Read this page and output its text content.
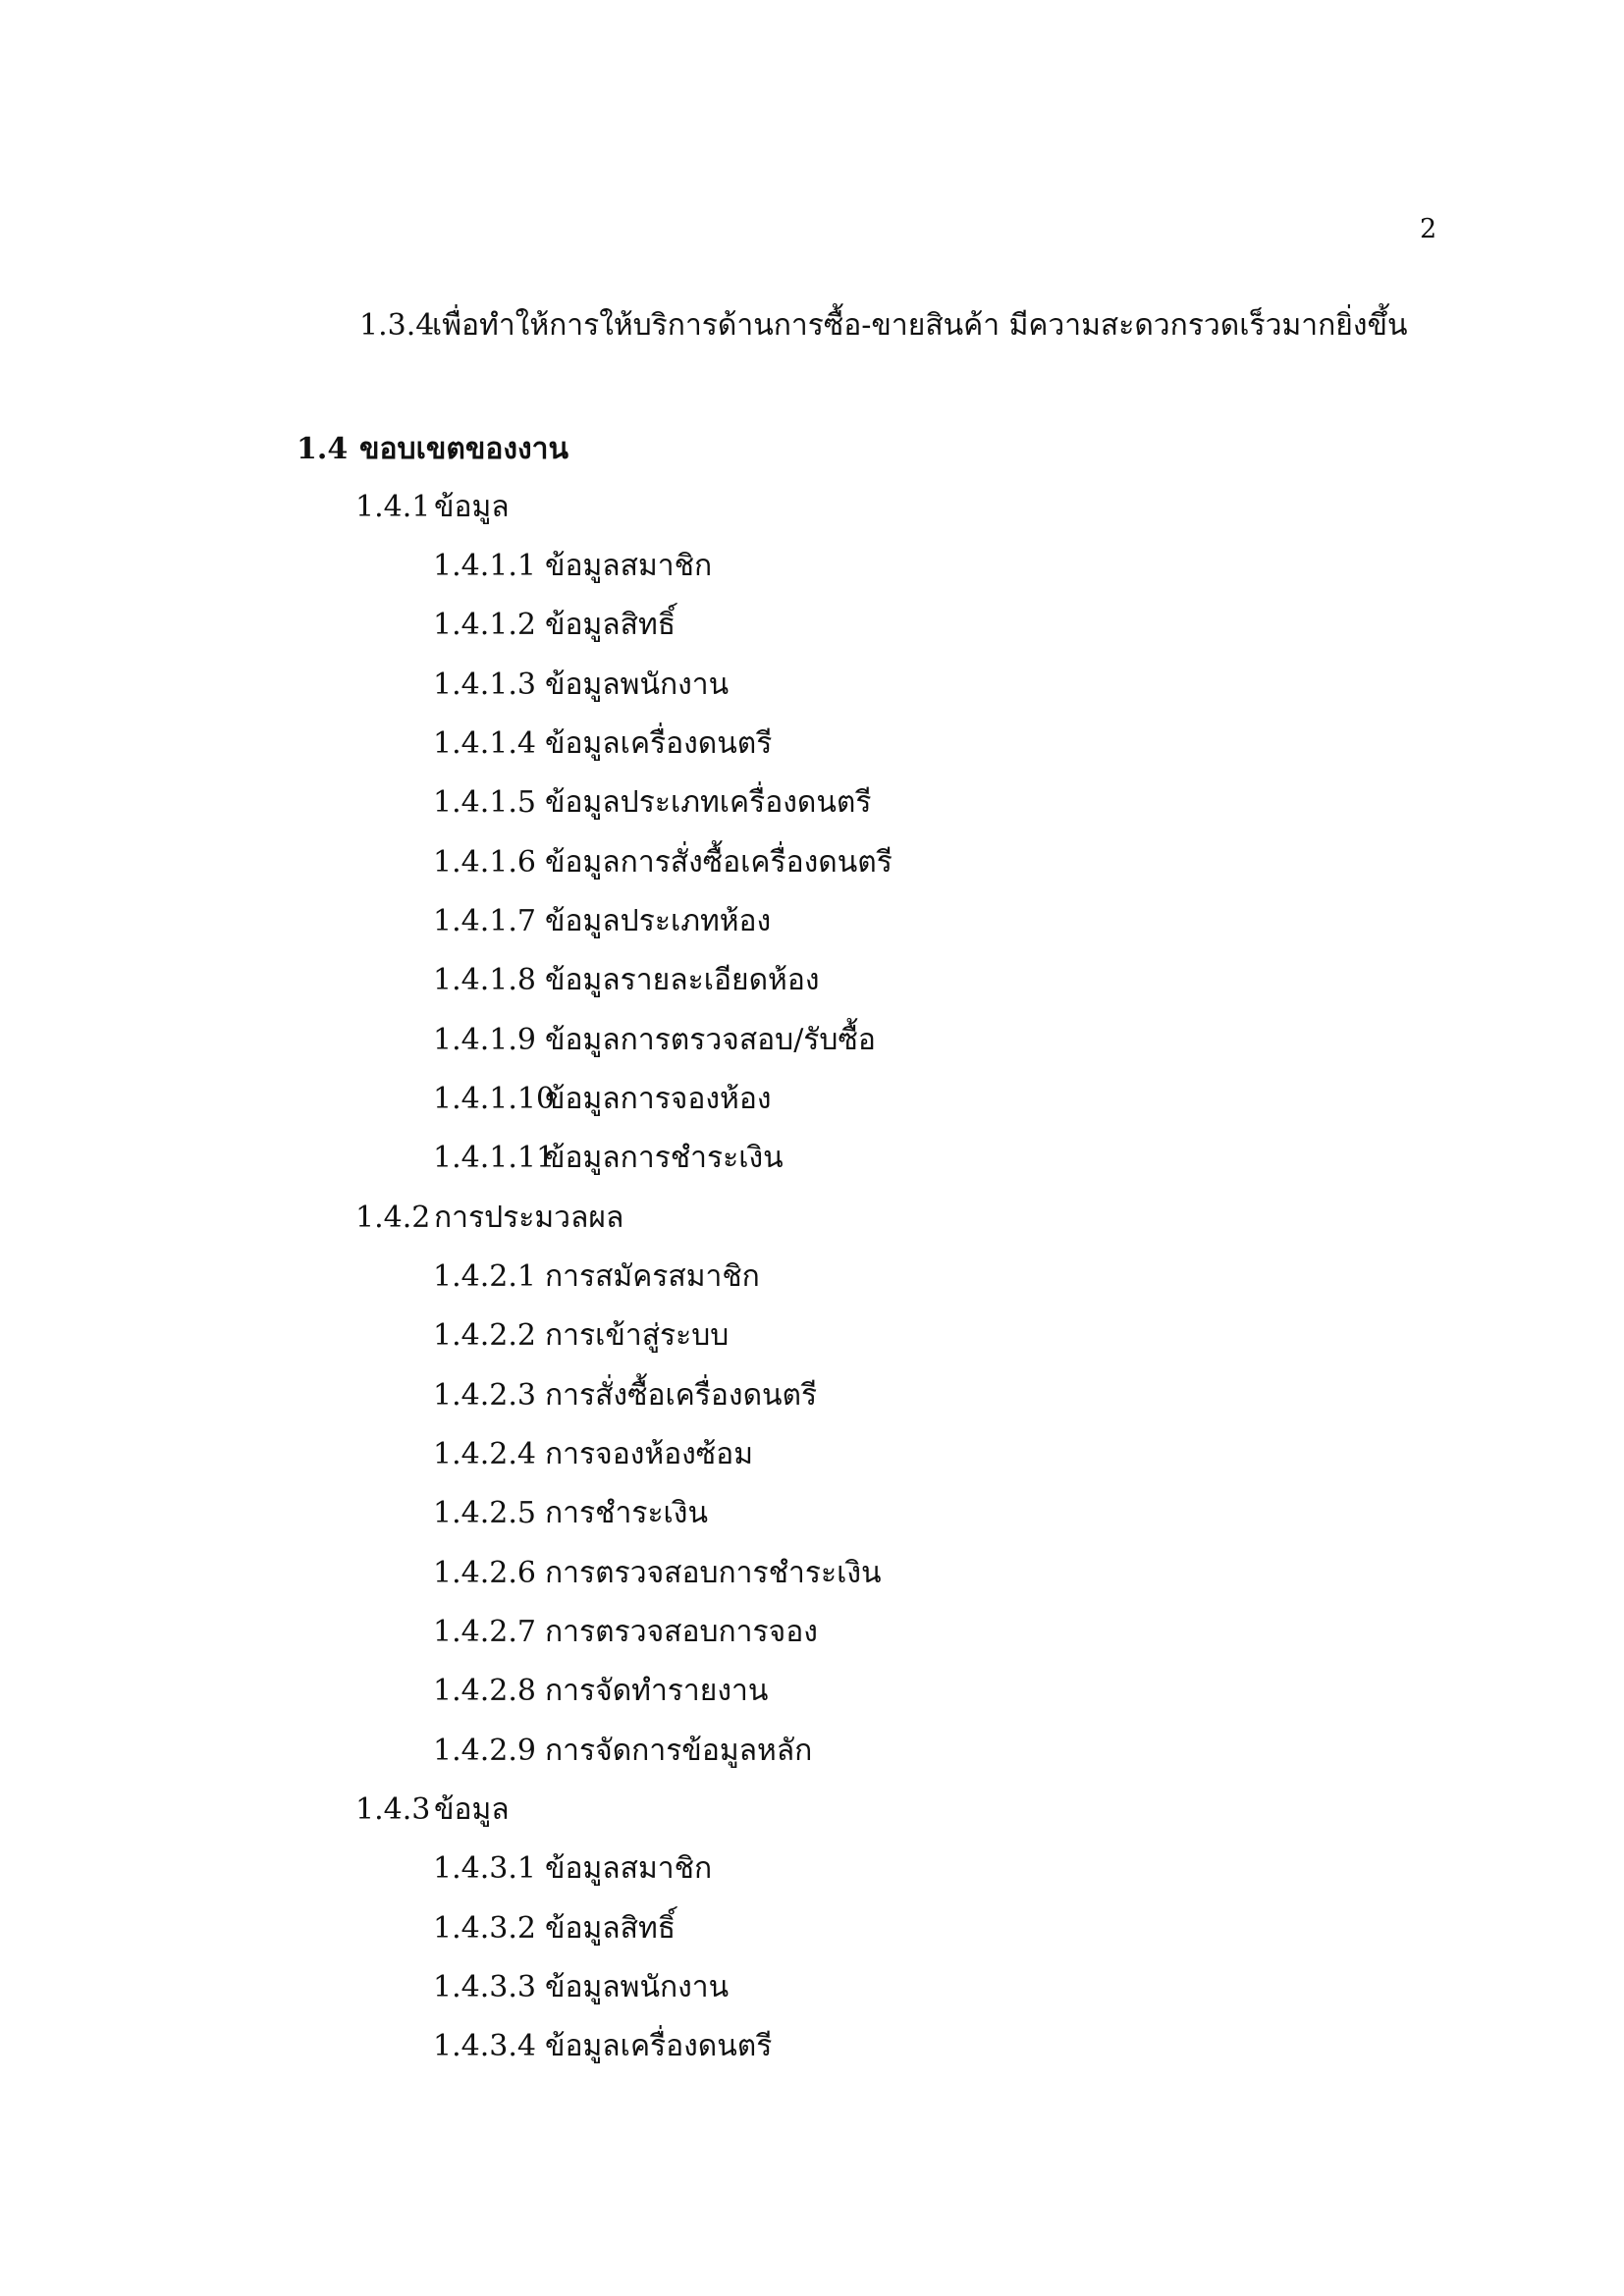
2
1.3.4เพื่อทำให้การให้บริการด้านการซื้อ-ขายสินค้า มีความสะดวกรวดเร็วมากยิ่งขึ้น
1.4 ขอบเขตของงาน
1.4.1 ข้อมูล
1.4.1.1 ข้อมูลสมาชิก
1.4.1.2 ข้อมูลสิทธิ์
1.4.1.3 ข้อมูลพนักงาน
1.4.1.4 ข้อมูลเครื่องดนตรี
1.4.1.5 ข้อมูลประเภทเครื่องดนตรี
1.4.1.6 ข้อมูลการสั่งซื้อเครื่องดนตรี
1.4.1.7 ข้อมูลประเภทห้อง
1.4.1.8 ข้อมูลรายละเอียดห้อง
1.4.1.9 ข้อมูลการตรวจสอบ/รับซื้อ
1.4.1.10ข้อมูลการจองห้อง
1.4.1.11ข้อมูลการชำระเงิน
1.4.2 การประมวลผล
1.4.2.1 การสมัครสมาชิก
1.4.2.2 การเข้าสู่ระบบ
1.4.2.3 การสั่งซื้อเครื่องดนตรี
1.4.2.4 การจองห้องซ้อม
1.4.2.5 การชำระเงิน
1.4.2.6 การตรวจสอบการชำระเงิน
1.4.2.7 การตรวจสอบการจอง
1.4.2.8 การจัดทำรายงาน
1.4.2.9 การจัดการข้อมูลหลัก
1.4.3 ข้อมูล
1.4.3.1 ข้อมูลสมาชิก
1.4.3.2 ข้อมูลสิทธิ์
1.4.3.3 ข้อมูลพนักงาน
1.4.3.4 ข้อมูลเครื่องดนตรี
